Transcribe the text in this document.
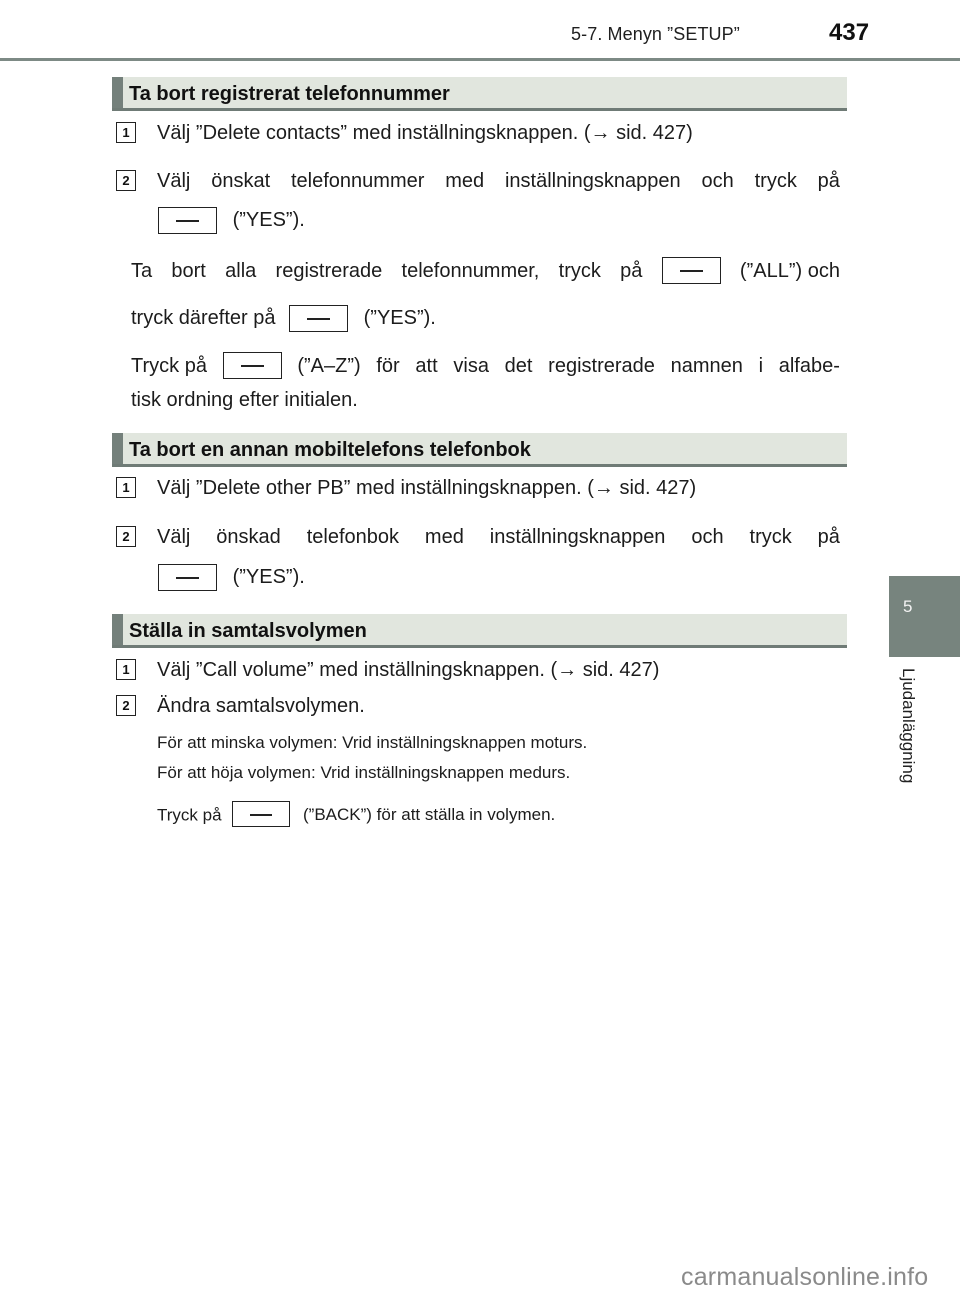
5-7. Menyn ”SETUP”	437
5
Ljudanläggning
Ta bort registrerat telefonnummer
1	Välj ”Delete contacts” med inställningsknappen. (→ sid. 427)
2	Välj önskat telefonnummer med inställningsknappen och tryck på
(”YES”).
Ta bort alla registrerade telefonnummer, tryck på	(”ALL”) och
tryck därefter på	(”YES”).
Tryck på	(”A–Z”) för att visa det registrerade namnen i alfabe-
tisk ordning efter initialen.
Ta bort en annan mobiltelefons telefonbok
1	Välj ”Delete other PB” med inställningsknappen. (→ sid. 427)
2	Välj önskad telefonbok med inställningsknappen och tryck på
(”YES”).
Ställa in samtalsvolymen
1	Välj ”Call volume” med inställningsknappen. (→ sid. 427)
2	Ändra samtalsvolymen.
För att minska volymen: Vrid inställningsknappen moturs.
För att höja volymen: Vrid inställningsknappen medurs.
Tryck på	(”BACK”) för att ställa in volymen.
carmanualsonline.info
